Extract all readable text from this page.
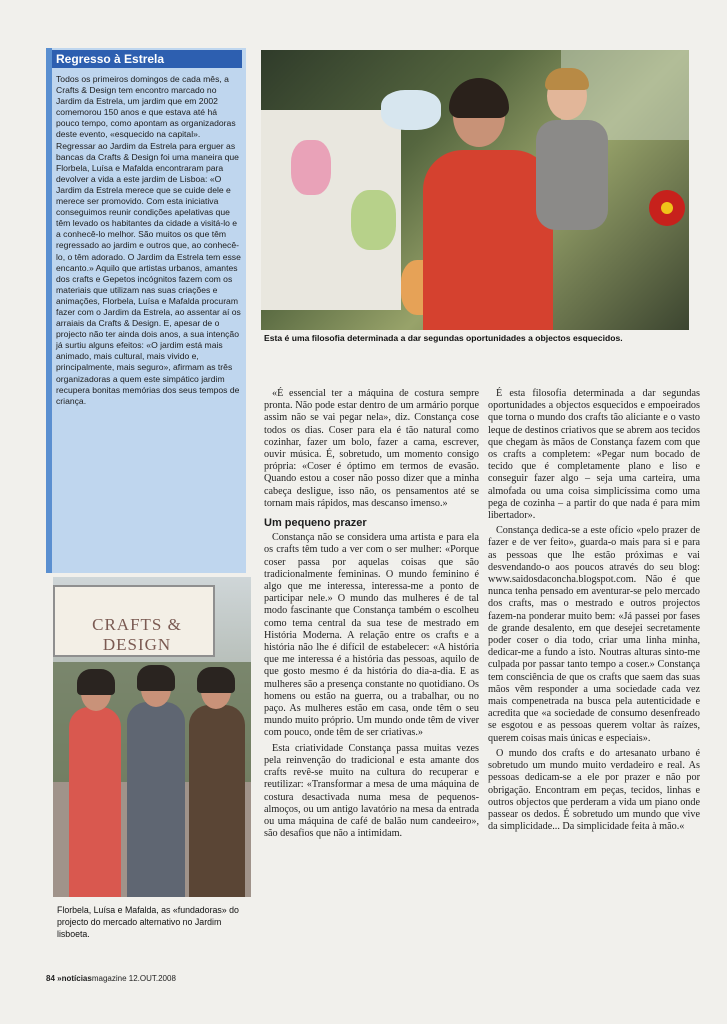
Regresso à Estrela
Todos os primeiros domingos de cada mês, a Crafts & Design tem encontro marcado no Jardim da Estrela, um jardim que em 2002 comemorou 150 anos e que estava até há pouco tempo, como apontam as organizadoras deste evento, «esquecido na capital». Regressar ao Jardim da Estrela para erguer as bancas da Crafts & Design foi uma maneira que Florbela, Luísa e Mafalda encontraram para devolver a vida a este jardim de Lisboa: «O Jardim da Estrela merece que se cuide dele e merece ser promovido. Com esta iniciativa conseguimos reunir condições apelativas que têm levado os habitantes da cidade a visitá-lo e a conhecê-lo melhor. São muitos os que têm regressado ao jardim e outros que, ao conhecê-lo, o têm adorado. O Jardim da Estrela tem esse encanto.» Aquilo que artistas urbanos, amantes dos crafts e Gepetos incógnitos fazem com os materiais que utilizam nas suas criações e animações, Florbela, Luísa e Mafalda procuram fazer com o Jardim da Estrela, ao assentar aí os arraiais da Crafts & Design. E, apesar de o projecto não ter ainda dois anos, a sua intenção já surtiu alguns efeitos: «O jardim está mais animado, mais cultural, mais vivido e, principalmente, mais seguro», afirmam as três organizadoras a quem este simpático jardim recupera bonitas memórias dos seus tempos de criança.
Esta é uma filosofia determinada a dar segundas oportunidades a objectos esquecidos.
CRAFTS & DESIGN
Florbela, Luísa e Mafalda, as «fundadoras» do projecto do mercado alternativo no Jardim lisboeta.

«É essencial ter a máquina de costura sempre pronta. Não pode estar dentro de um armário porque assim não se vai pegar nela», diz. Constança cose todos os dias. Coser para ela é tão natural como cozinhar, fazer um bolo, fazer a cama, escrever, ouvir música. É, sobretudo, um momento consigo própria: «Coser é óptimo em termos de evasão. Quando estou a coser não posso dizer que a minha cabeça desligue, isso não, os pensamentos até se tornam mais rápidos, mas descanso imenso.»

Um pequeno prazer

Constança não se considera uma artista e para ela os crafts têm tudo a ver com o ser mulher: «Porque coser passa por aquelas coisas que são tradicionalmente femininas. O mundo feminino é algo que me interessa, interessa-me a ponto de participar nele.» O mundo das mulheres é de tal modo fascinante que Constança também o escolheu como tema central da sua tese de mestrado em História Moderna. A relação entre os crafts e a história não lhe é difícil de estabelecer: «A história que me interessa é a história das pessoas, aquilo de que gosto mesmo é da história do dia-a-dia. E as mulheres são a presença constante no quotidiano. Os homens ou estão na guerra, ou a trabalhar, ou no paço. As mulheres estão em casa, onde têm o seu mundo muito próprio. Um mundo onde têm de viver com pouco, onde têm de ser criativas.»

Esta criatividade Constança passa muitas vezes pela reinvenção do tradicional e esta amante dos crafts revê-se muito na cultura do recuperar e reutilizar: «Transformar a mesa de uma máquina de costura desactivada numa mesa de pequenos-almoços, ou um antigo lavatório na mesa da entrada ou uma máquina de café de balão num candeeiro», são desafios que não a intimidam.

É esta filosofia determinada a dar segundas oportunidades a objectos esquecidos e empoeirados que torna o mundo dos crafts tão aliciante e o vasto leque de destinos criativos que se abrem aos tecidos que chegam às mãos de Constança fazem com que os crafts a completem: «Pegar num bocado de tecido que é completamente plano e liso e conseguir fazer algo – seja uma carteira, uma almofada ou uma coisa simplicíssima como uma pega de cozinha – a partir do que nada é para mim libertador».

Constança dedica-se a este ofício «pelo prazer de fazer e de ver feito», guarda-o mais para si e para as pessoas que lhe estão próximas e vai desvendando-o aos poucos através do seu blog: www.saidosdaconcha.blogspot.com. Não é que nunca tenha pensado em aventurar-se pelo mercado dos crafts, mas o mestrado e outros projectos fazem-na ponderar muito bem: «Já passei por fases de grande desalento, em que desejei secretamente poder coser o dia todo, criar uma linha minha, dedicar-me a fundo a isto. Noutras alturas sinto-me culpada por passar tanto tempo a coser.» Constança tem consciência de que os crafts que saem das suas mãos vêm responder a uma sociedade cada vez mais compenetrada na busca pela autenticidade e acredita que «a sociedade de consumo desenfreado se esgotou e as pessoas querem voltar às raízes, querem coisas mais únicas e especiais».

O mundo dos crafts e do artesanato urbano é sobretudo um mundo muito verdadeiro e real. As pessoas dedicam-se a ele por prazer e não por obrigação. Encontram em peças, tecidos, linhas e outros objectos que perderam a vida um piano onde passear os dedos. É sobretudo um mundo que vive da simplicidade... Da simplicidade feita à mão.«

84 »notíciasmagazine 12.OUT.2008
